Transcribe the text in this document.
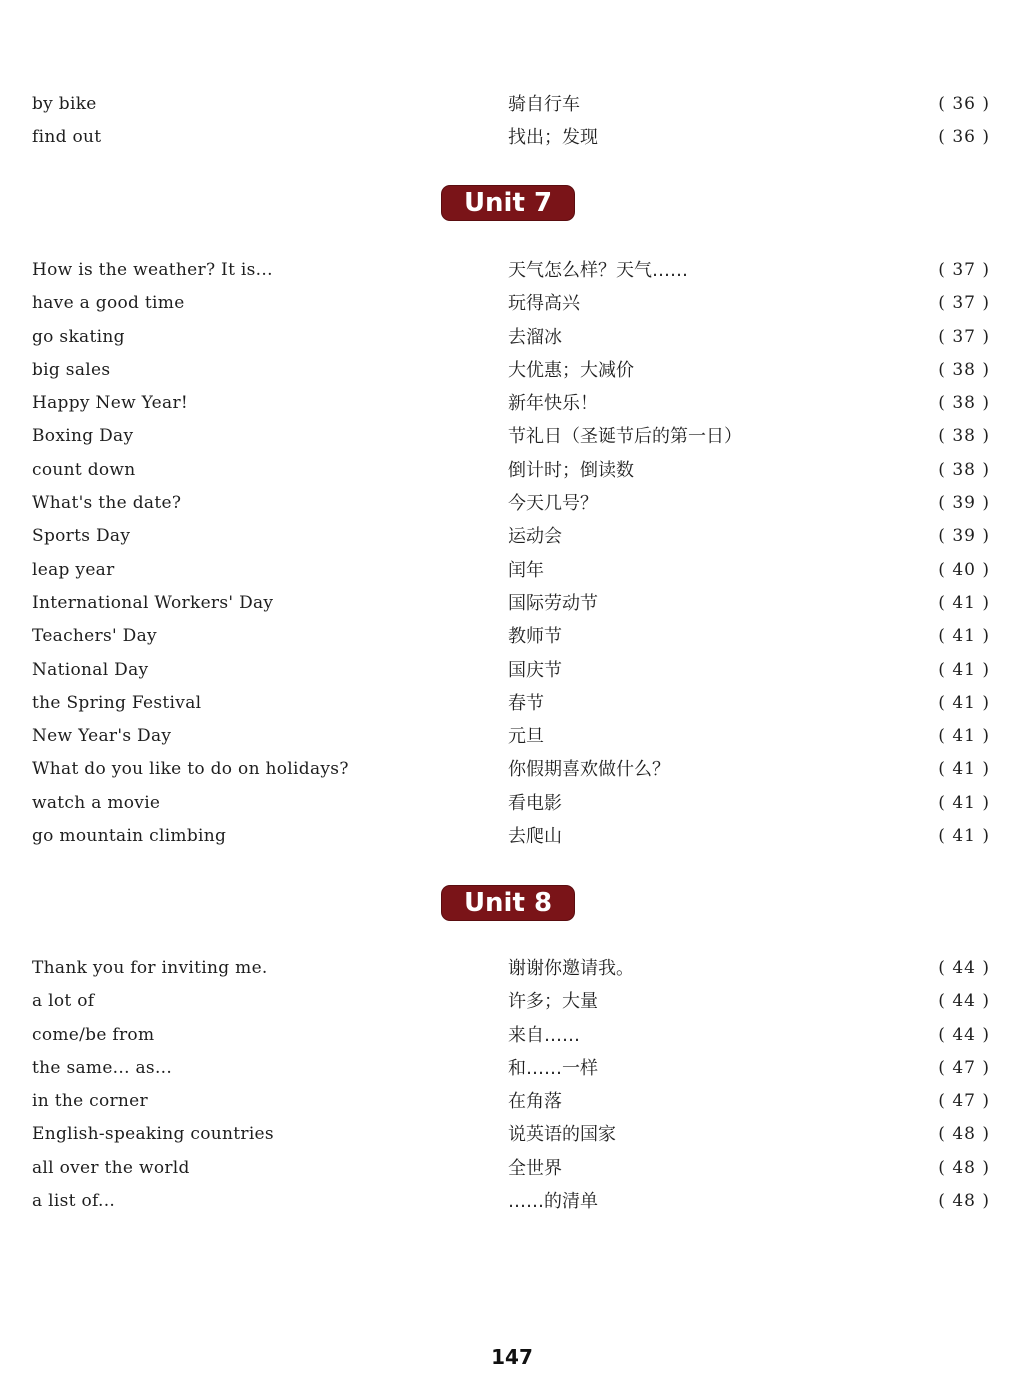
by bike	骑自行车	( 36 )
find out	找出；发现	( 36 )
Unit 7
How is the weather? It is...	天气怎么样？天气……	( 37 )
have a good time	玩得高兴	( 37 )
go skating	去溜冰	( 37 )
big sales	大优惠；大减价	( 38 )
Happy New Year!	新年快乐！	( 38 )
Boxing Day	节礼日（圣诞节后的第一日）	( 38 )
count down	倒计时；倒读数	( 38 )
What's the date?	今天几号？	( 39 )
Sports Day	运动会	( 39 )
leap year	闰年	( 40 )
International Workers' Day	国际劳动节	( 41 )
Teachers' Day	教师节	( 41 )
National Day	国庆节	( 41 )
the Spring Festival	春节	( 41 )
New Year's Day	元旦	( 41 )
What do you like to do on holidays?	你假期喜欢做什么？	( 41 )
watch a movie	看电影	( 41 )
go mountain climbing	去爬山	( 41 )
Unit 8
Thank you for inviting me.	谢谢你邀请我。	( 44 )
a lot of	许多；大量	( 44 )
come/be from	来自……	( 44 )
the same... as...	和……一样	( 47 )
in the corner	在角落	( 47 )
English-speaking countries	说英语的国家	( 48 )
all over the world	全世界	( 48 )
a list of...	……的清单	( 48 )
147
